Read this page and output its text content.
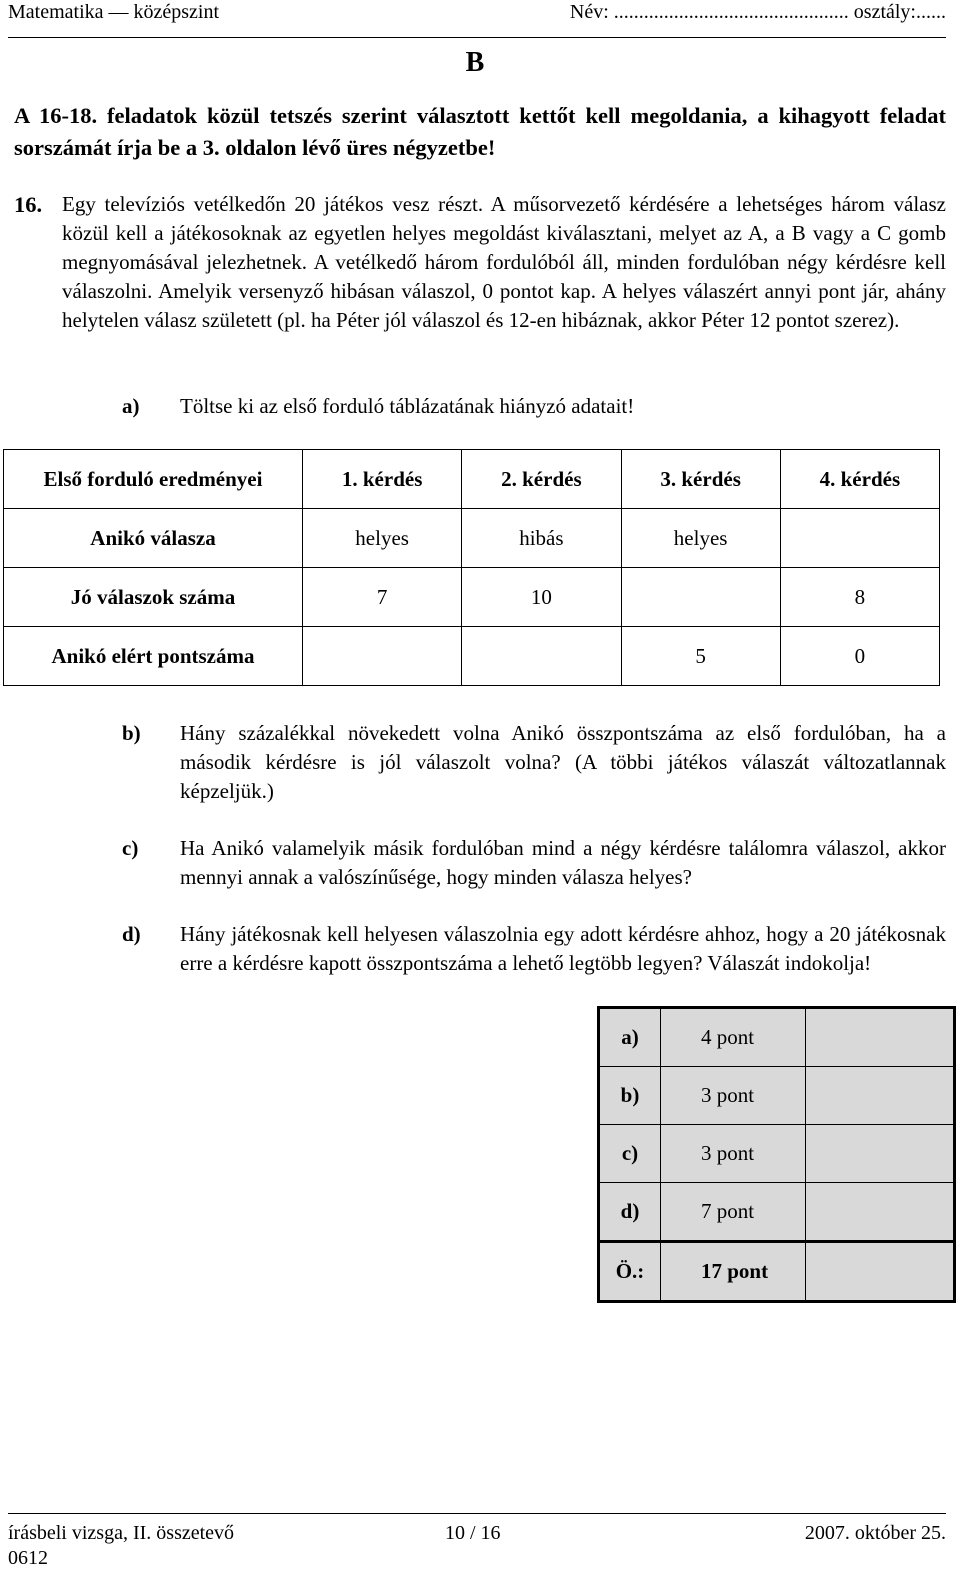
Matematika — középszint	Név: ............................................... osztály:......
B
A 16-18. feladatok közül tetszés szerint választott kettőt kell megoldania, a kihagyott feladat sorszámát írja be a 3. oldalon lévő üres négyzetbe!
16. Egy televíziós vetélkedőn 20 játékos vesz részt. A műsorvezető kérdésére a lehetséges három válasz közül kell a játékosoknak az egyetlen helyes megoldást kiválasztani, melyet az A, a B vagy a C gomb megnyomásával jelezhetnek. A vetélkedő három fordulóból áll, minden fordulóban négy kérdésre kell válaszolni. Amelyik versenyző hibásan válaszol, 0 pontot kap. A helyes válaszért annyi pont jár, ahány helytelen válasz született (pl. ha Péter jól válaszol és 12-en hibáznak, akkor Péter 12 pontot szerez).
a)	Töltse ki az első forduló táblázatának hiányzó adatait!
Első forduló eredményei	1. kérdés	2. kérdés	3. kérdés	4. kérdés
Anikó válasza	helyes	hibás	helyes	
Jó válaszok száma	7	10		8
Anikó elért pontszáma			5	0
b)	Hány százalékkal növekedett volna Anikó összpontszáma az első fordulóban, ha a második kérdésre is jól válaszolt volna? (A többi játékos válaszát változatlannak képzeljük.)
c)	Ha Anikó valamelyik másik fordulóban mind a négy kérdésre találomra válaszol, akkor mennyi annak a valószínűsége, hogy minden válasza helyes?
d)	Hány játékosnak kell helyesen válaszolnia egy adott kérdésre ahhoz, hogy a 20 játékosnak erre a kérdésre kapott összpontszáma a lehető legtöbb legyen? Válaszát indokolja!
a)	4 pont	
b)	3 pont	
c)	3 pont	
d)	7 pont	
Ö.:	17 pont	
írásbeli vizsga, II. összetevő	10 / 16	2007. október 25.
0612
